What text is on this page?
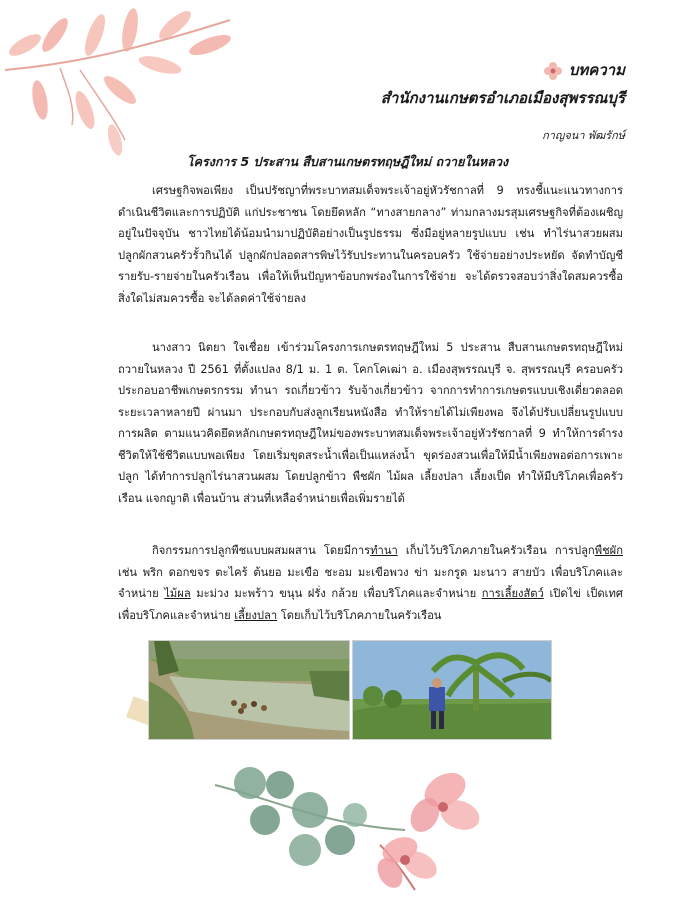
บทความ
สำนักงานเกษตรอำเภอเมืองสุพรรณบุรี
กาญจนา พัฒรักษ์
โครงการ 5 ประสาน สืบสานเกษตรทฤษฎีใหม่ ถวายในหลวง

เศรษฐกิจพอเพียง เป็นปรัชญาที่พระบาทสมเด็จพระเจ้าอยู่หัวรัชกาลที่ 9 ทรงชี้แนะแนวทางการดำเนินชีวิตและการปฏิบัติ แก่ประชาชน โดยยึดหลัก “ทางสายกลาง” ท่ามกลางมรสุมเศรษฐกิจที่ต้องเผชิญอยู่ในปัจจุบัน ชาวไทยได้น้อมนำมาปฏิบัติอย่างเป็นรูปธรรม ซึ่งมีอยู่หลายรูปแบบ เช่น ทำไร่นาสวยผสม ปลูกผักสวนครัวรั้วกินได้ ปลูกผักปลอดสารพิษไว้รับประทานในครอบครัว ใช้จ่ายอย่างประหยัด จัดทำบัญชีรายรับ-รายจ่ายในครัวเรือน เพื่อให้เห็นปัญหาข้อบกพร่องในการใช้จ่าย จะได้ตรวจสอบว่าสิ่งใดสมควรซื้อ สิ่งใดไม่สมควรซื้อ จะได้ลดค่าใช้จ่ายลง

นางสาว นิตยา ใจเชื่อย เข้าร่วมโครงการเกษตรทฤษฎีใหม่ 5 ประสาน สืบสานเกษตรทฤษฎีใหม่ ถวายในหลวง ปี 2561 ที่ตั้งแปลง 8/1 ม. 1 ต. โคกโคเฒ่า อ. เมืองสุพรรณบุรี จ. สุพรรณบุรี ครอบครัวประกอบอาชีพเกษตรกรรม ทำนา รถเกี่ยวข้าว รับจ้างเกี่ยวข้าว จากการทำการเกษตรแบบเชิงเดี่ยวตลอดระยะเวลาหลายปี ผ่านมา ประกอบกับส่งลูกเรียนหนังสือ ทำให้รายได้ไม่เพียงพอ จึงได้ปรับเปลี่ยนรูปแบบการผลิต ตามแนวคิดยึดหลักเกษตรทฤษฎีใหม่ของพระบาทสมเด็จพระเจ้าอยู่หัวรัชกาลที่ 9 ทำให้การดำรงชีวิตให้ใช้ชีวิตแบบพอเพียง โดยเริ่มขุดสระน้ำเพื่อเป็นแหล่งน้ำ ขุดร่องสวนเพื่อให้มีน้ำเพียงพอต่อการเพาะปลูก ได้ทำการปลูกไร่นาสวนผสม โดยปลูกข้าว พืชผัก ไม้ผล เลี้ยงปลา เลี้ยงเป็ด ทำให้มีบริโภคเพื่อครัวเรือน แจกญาติ เพื่อนบ้าน ส่วนที่เหลือจำหน่ายเพื่อเพิ่มรายได้

กิจกรรมการปลูกพืชแบบผสมผสาน โดยมีการทำนา เก็บไว้บริโภคภายในครัวเรือน การปลูกพืชผัก เช่น พริก ดอกขจร ตะไคร้ ต้นยอ มะเขือ ชะอม มะเขือพวง ข่า มะกรูด มะนาว สายบัว เพื่อบริโภคและจำหน่าย ไม้ผล มะม่วง มะพร้าว ขนุน ฝรั่ง กล้วย เพื่อบริโภคและจำหน่าย การเลี้ยงสัตว์ เปิดไข่ เป็ดเทศ เพื่อบริโภคและจำหน่าย เลี้ยงปลา โดยเก็บไว้บริโภคภายในครัวเรือน
